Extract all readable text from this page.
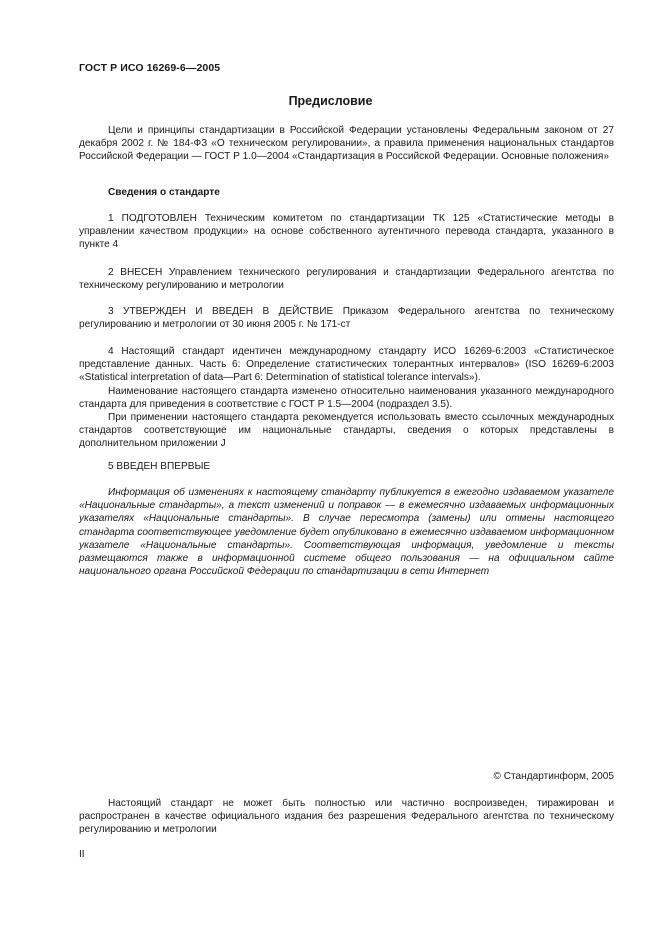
ГОСТ Р ИСО 16269-6—2005
Предисловие

Цели и принципы стандартизации в Российской Федерации установлены Федеральным законом от 27 декабря 2002 г. № 184-ФЗ «О техническом регулировании», а правила применения национальных стандартов Российской Федерации — ГОСТ Р 1.0—2004 «Стандартизация в Российской Федерации. Основные положения»

Сведения о стандарте

1 ПОДГОТОВЛЕН Техническим комитетом по стандартизации ТК 125 «Статистические методы в управлении качеством продукции» на основе собственного аутентичного перевода стандарта, указанного в пункте 4

2 ВНЕСЕН Управлением технического регулирования и стандартизации Федерального агентства по техническому регулированию и метрологии

3 УТВЕРЖДЕН И ВВЕДЕН В ДЕЙСТВИЕ Приказом Федерального агентства по техническому регулированию и метрологии от 30 июня 2005 г. № 171-ст

4 Настоящий стандарт идентичен международному стандарту ИСО 16269-6:2003 «Статистическое представление данных. Часть 6: Определение статистических толерантных интервалов» (ISO 16269-6:2003 «Statistical interpretation of data—Part 6: Determination of statistical tolerance intervals»).

Наименование настоящего стандарта изменено относительно наименования указанного международного стандарта для приведения в соответствие с ГОСТ Р 1.5—2004 (подраздел 3.5).

При применении настоящего стандарта рекомендуется использовать вместо ссылочных международных стандартов соответствующие им национальные стандарты, сведения о которых представлены в дополнительном приложении J

5 ВВЕДЕН ВПЕРВЫЕ

Информация об изменениях к настоящему стандарту публикуется в ежегодно издаваемом указателе «Национальные стандарты», а текст изменений и поправок — в ежемесячно издаваемых информационных указателях «Национальные стандарты». В случае пересмотра (замены) или отмены настоящего стандарта соответствующее уведомление будет опубликовано в ежемесячно издаваемом информационном указателе «Национальные стандарты». Соответствующая информация, уведомление и тексты размещаются также в информационной системе общего пользования — на официальном сайте национального органа Российской Федерации по стандартизации в сети Интернет

© Стандартинформ, 2005

Настоящий стандарт не может быть полностью или частично воспроизведен, тиражирован и распространен в качестве официального издания без разрешения Федерального агентства по техническому регулированию и метрологии

II
